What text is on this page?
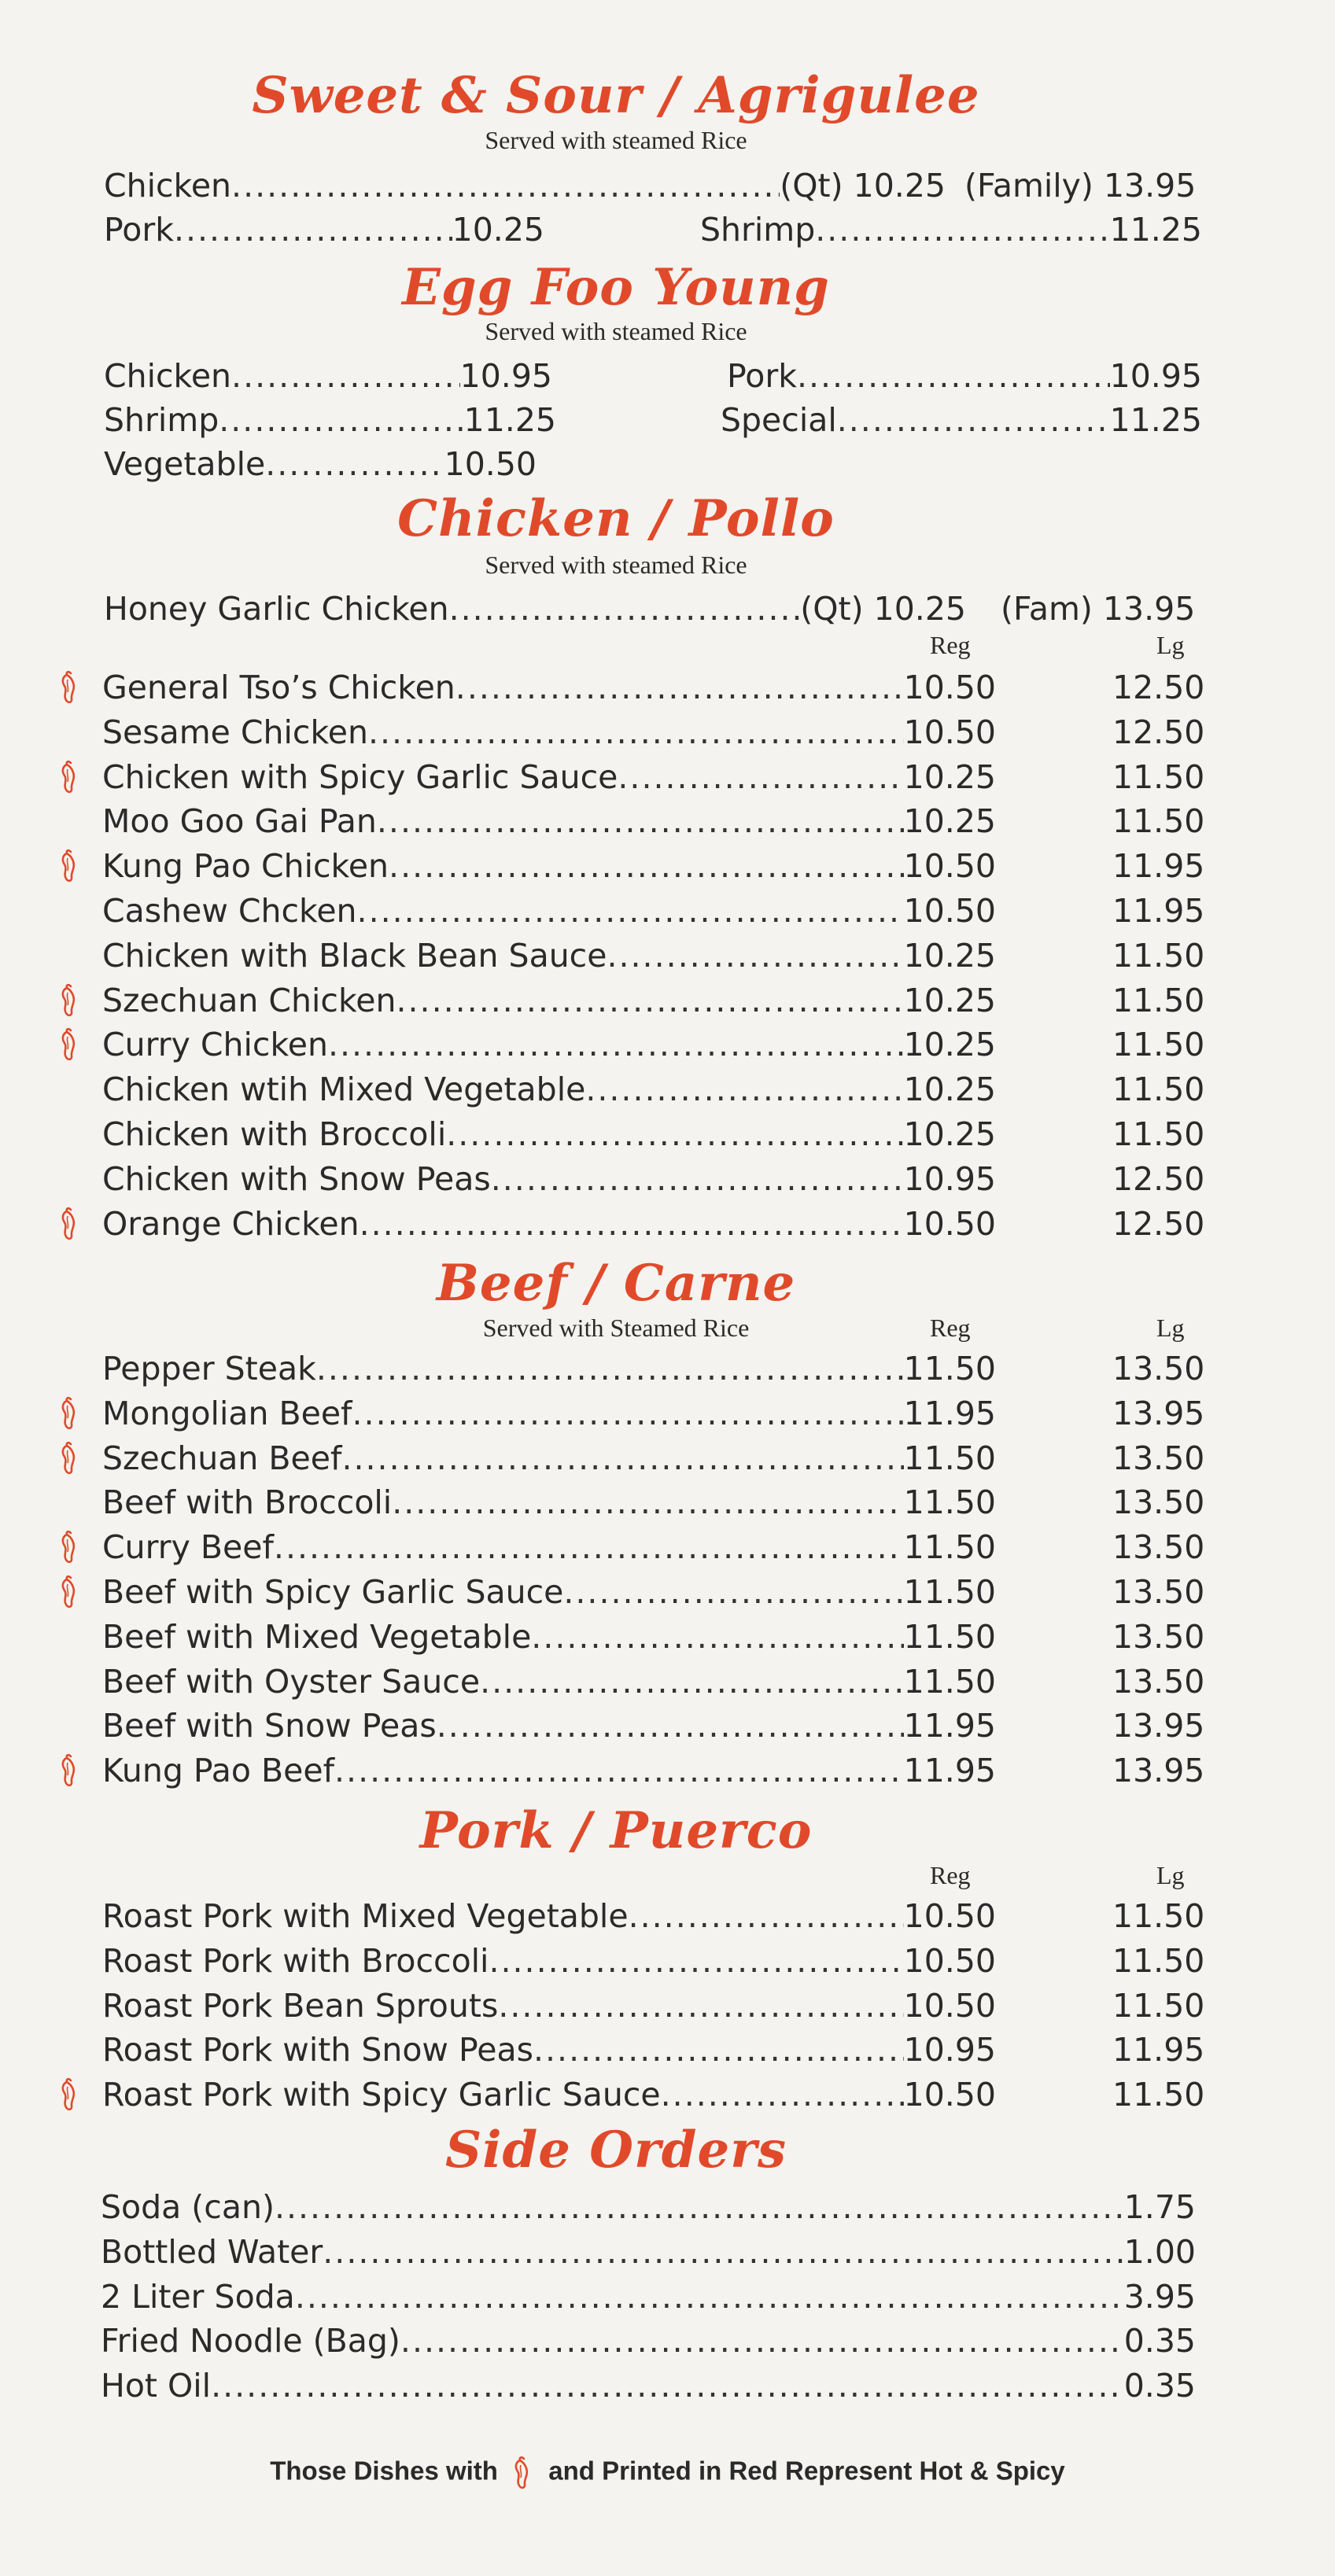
Sweet & Sour / Agrigulee
Served with steamed Rice
Chicken .....	(Qt) 10.25 (Family) 13.95
Pork .....	10.25	Shrimp .....	11.25
Egg Foo Young
Served with steamed Rice
Chicken .....	10.95	Pork .....	10.95
Shrimp .....	11.25	Special .....	11.25
Vegetable .....	10.50
Chicken / Pollo
Served with steamed Rice
Honey Garlic Chicken .....	(Qt) 10.25 (Fam) 13.95
Reg	Lg
General Tso’s Chicken .....	10.50	12.50
Sesame Chicken .....	10.50	12.50
Chicken with Spicy Garlic Sauce .....	10.25	11.50
Moo Goo Gai Pan .....	10.25	11.50
Kung Pao Chicken .....	10.50	11.95
Cashew Chcken .....	10.50	11.95
Chicken with Black Bean Sauce .....	10.25	11.50
Szechuan Chicken .....	10.25	11.50
Curry Chicken .....	10.25	11.50
Chicken wtih Mixed Vegetable .....	10.25	11.50
Chicken with Broccoli .....	10.25	11.50
Chicken with Snow Peas .....	10.95	12.50
Orange Chicken .....	10.50	12.50
Beef / Carne
Served with Steamed Rice	Reg	Lg
Pepper Steak .....	11.50	13.50
Mongolian Beef .....	11.95	13.95
Szechuan Beef .....	11.50	13.50
Beef with Broccoli .....	11.50	13.50
Curry Beef .....	11.50	13.50
Beef with Spicy Garlic Sauce .....	11.50	13.50
Beef with Mixed Vegetable .....	11.50	13.50
Beef with Oyster Sauce .....	11.50	13.50
Beef with Snow Peas .....	11.95	13.95
Kung Pao Beef .....	11.95	13.95
Pork / Puerco
Reg	Lg
Roast Pork with Mixed Vegetable .....	10.50	11.50
Roast Pork with Broccoli .....	10.50	11.50
Roast Pork Bean Sprouts .....	10.50	11.50
Roast Pork with Snow Peas .....	10.95	11.95
Roast Pork with Spicy Garlic Sauce .....	10.50	11.50
Side Orders
Soda (can) .....	1.75
Bottled Water .....	1.00
2 Liter Soda .....	3.95
Fried Noodle (Bag) .....	0.35
Hot Oil .....	0.35
Those Dishes with and Printed in Red Represent Hot & Spicy
